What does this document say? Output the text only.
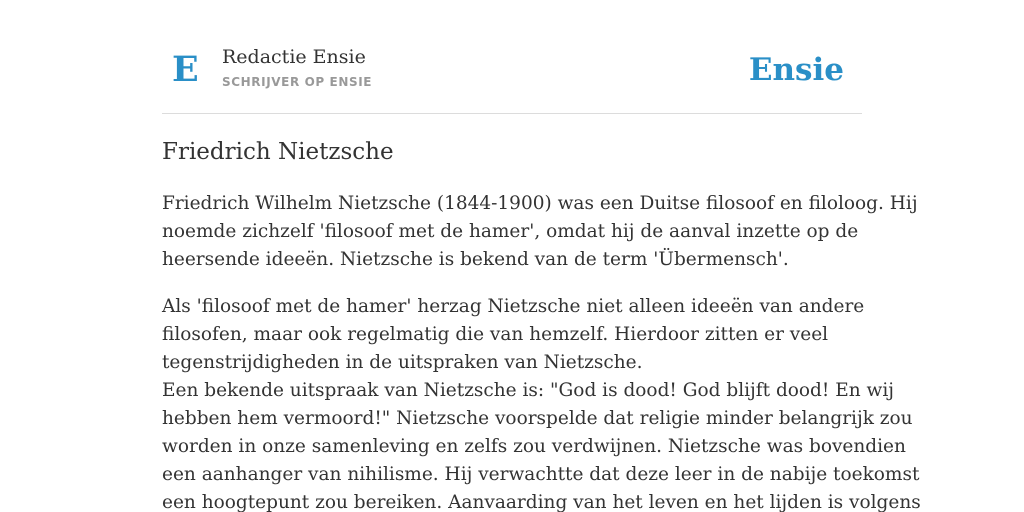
E Redactie Ensie
SCHRIJVER OP ENSIE	Ensie
Friedrich Nietzsche

Friedrich Wilhelm Nietzsche (1844-1900) was een Duitse filosoof en filoloog. Hij
noemde zichzelf 'filosoof met de hamer', omdat hij de aanval inzette op de
heersende ideeën. Nietzsche is bekend van de term 'Übermensch'.

Als 'filosoof met de hamer' herzag Nietzsche niet alleen ideeën van andere
filosofen, maar ook regelmatig die van hemzelf. Hierdoor zitten er veel
tegenstrijdigheden in de uitspraken van Nietzsche.
Een bekende uitspraak van Nietzsche is: "God is dood! God blijft dood! En wij
hebben hem vermoord!" Nietzsche voorspelde dat religie minder belangrijk zou
worden in onze samenleving en zelfs zou verdwijnen. Nietzsche was bovendien
een aanhanger van nihilisme. Hij verwachtte dat deze leer in de nabije toekomst
een hoogtepunt zou bereiken. Aanvaarding van het leven en het lijden is volgens
